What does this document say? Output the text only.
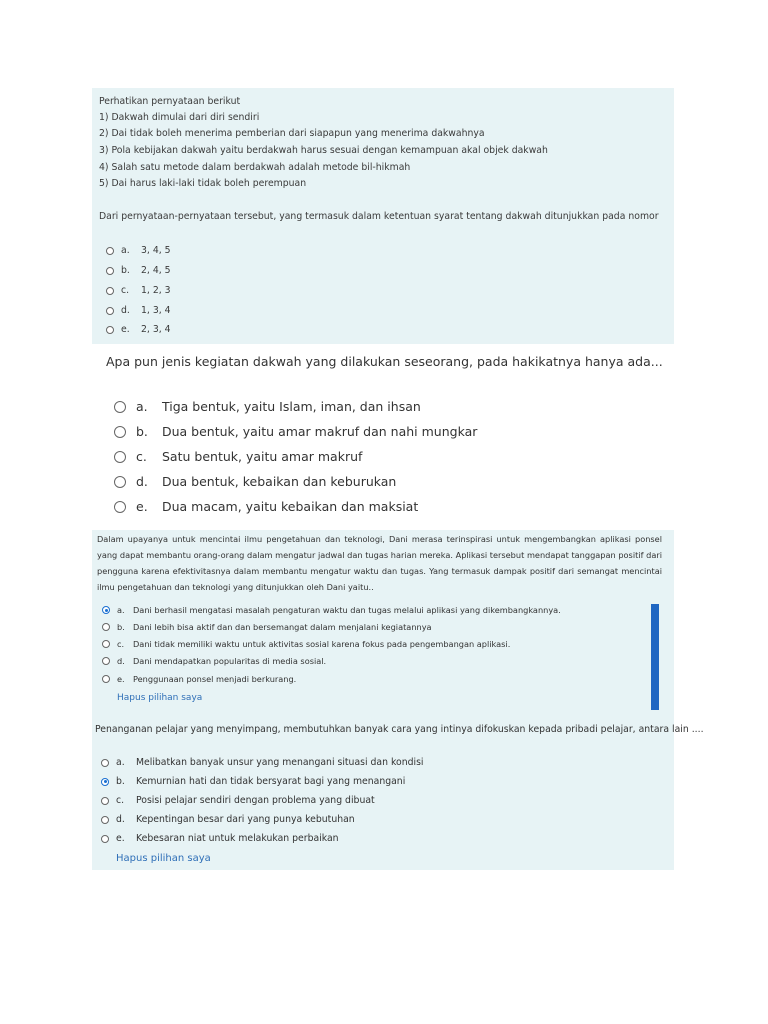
Perhatikan pernyataan berikut
1) Dakwah dimulai dari diri sendiri
2) Dai tidak boleh menerima pemberian dari siapapun yang menerima dakwahnya
3) Pola kebijakan dakwah yaitu berdakwah harus sesuai dengan kemampuan akal objek dakwah
4) Salah satu metode dalam berdakwah adalah metode bil-hikmah
5) Dai harus laki-laki tidak boleh perempuan
Dari pernyataan-pernyataan tersebut, yang termasuk dalam ketentuan syarat tentang dakwah ditunjukkan pada nomor
a.	3, 4, 5
b.	2, 4, 5
c.	1, 2, 3
d.	1, 3, 4
e.	2, 3, 4
Apa pun jenis kegiatan dakwah yang dilakukan seseorang, pada hakikatnya hanya ada...
a.	Tiga bentuk, yaitu Islam, iman, dan ihsan
b.	Dua bentuk, yaitu amar makruf dan nahi mungkar
c.	Satu bentuk, yaitu amar makruf
d.	Dua bentuk, kebaikan dan keburukan
e.	Dua macam, yaitu kebaikan dan maksiat
Dalam upayanya untuk mencintai ilmu pengetahuan dan teknologi, Dani merasa terinspirasi untuk mengembangkan aplikasi ponsel yang dapat membantu orang-orang dalam mengatur jadwal dan tugas harian mereka. Aplikasi tersebut mendapat tanggapan positif dari pengguna karena efektivitasnya dalam membantu mengatur waktu dan tugas. Yang termasuk dampak positif dari semangat mencintai ilmu pengetahuan dan teknologi yang ditunjukkan oleh Dani yaitu..
a.	Dani berhasil mengatasi masalah pengaturan waktu dan tugas melalui aplikasi yang dikembangkannya.
b. Dani lebih bisa aktif dan dan bersemangat dalam menjalani kegiatannya
c.	Dani tidak memiliki waktu untuk aktivitas sosial karena fokus pada pengembangan aplikasi.
d. Dani mendapatkan popularitas di media sosial.
e.	Penggunaan ponsel menjadi berkurang.
Hapus pilihan saya
Penanganan pelajar yang menyimpang, membutuhkan banyak cara yang intinya difokuskan kepada pribadi pelajar, antara lain ....
a.	Melibatkan banyak unsur yang menangani situasi dan kondisi
b.	Kemurnian hati dan tidak bersyarat bagi yang menangani
c.	Posisi pelajar sendiri dengan problema yang dibuat
d.	Kepentingan besar dari yang punya kebutuhan
e.	Kebesaran niat untuk melakukan perbaikan
Hapus pilihan saya
